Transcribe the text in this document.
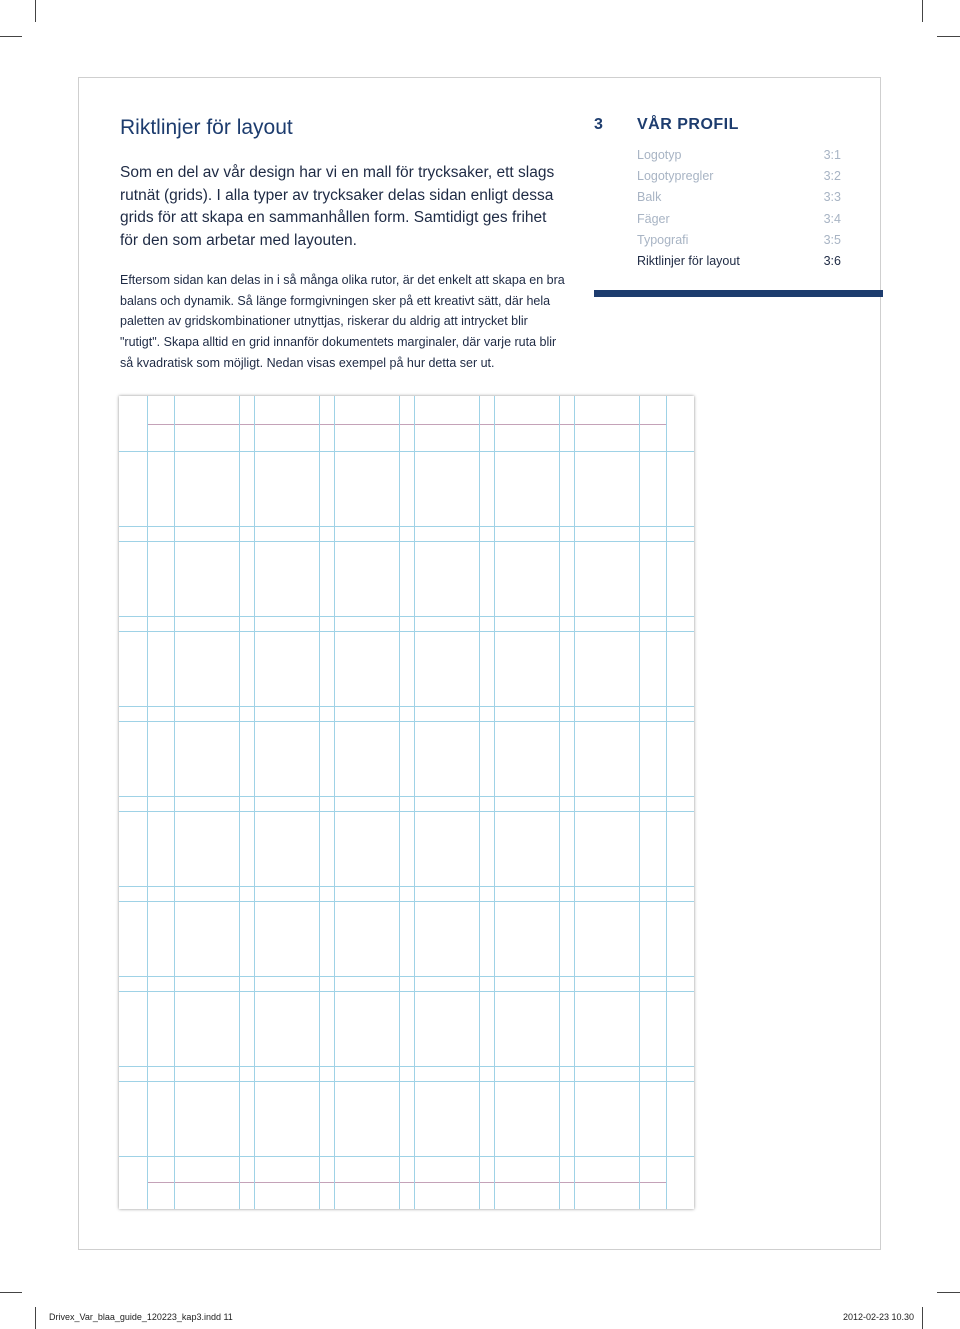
Riktlinjer för layout

Som en del av vår design har vi en mall för trycksaker, ett slags rutnät (grids). I alla typer av trycksaker delas sidan enligt dessa grids för att skapa en sammanhållen form. Samtidigt ges frihet för den som arbetar med layouten.

Eftersom sidan kan delas in i så många olika rutor, är det enkelt att skapa en bra balans och dynamik. Så länge formgivningen sker på ett kreativt sätt, där hela paletten av gridskombinationer utnyttjas, riskerar du aldrig att intrycket blir "rutigt". Skapa alltid en grid innanför dokumentets marginaler, där varje ruta blir så kvadratisk som möjligt. Nedan visas exempel på hur detta ser ut.

3 VÅR PROFIL
Logotyp	3:1
Logotypregler	3:2
Balk	3:3
Fäger	3:4
Typografi	3:5
Riktlinjer för layout	3:6
Drivex_Var_blaa_guide_120223_kap3.indd 11	2012-02-23 10.30
